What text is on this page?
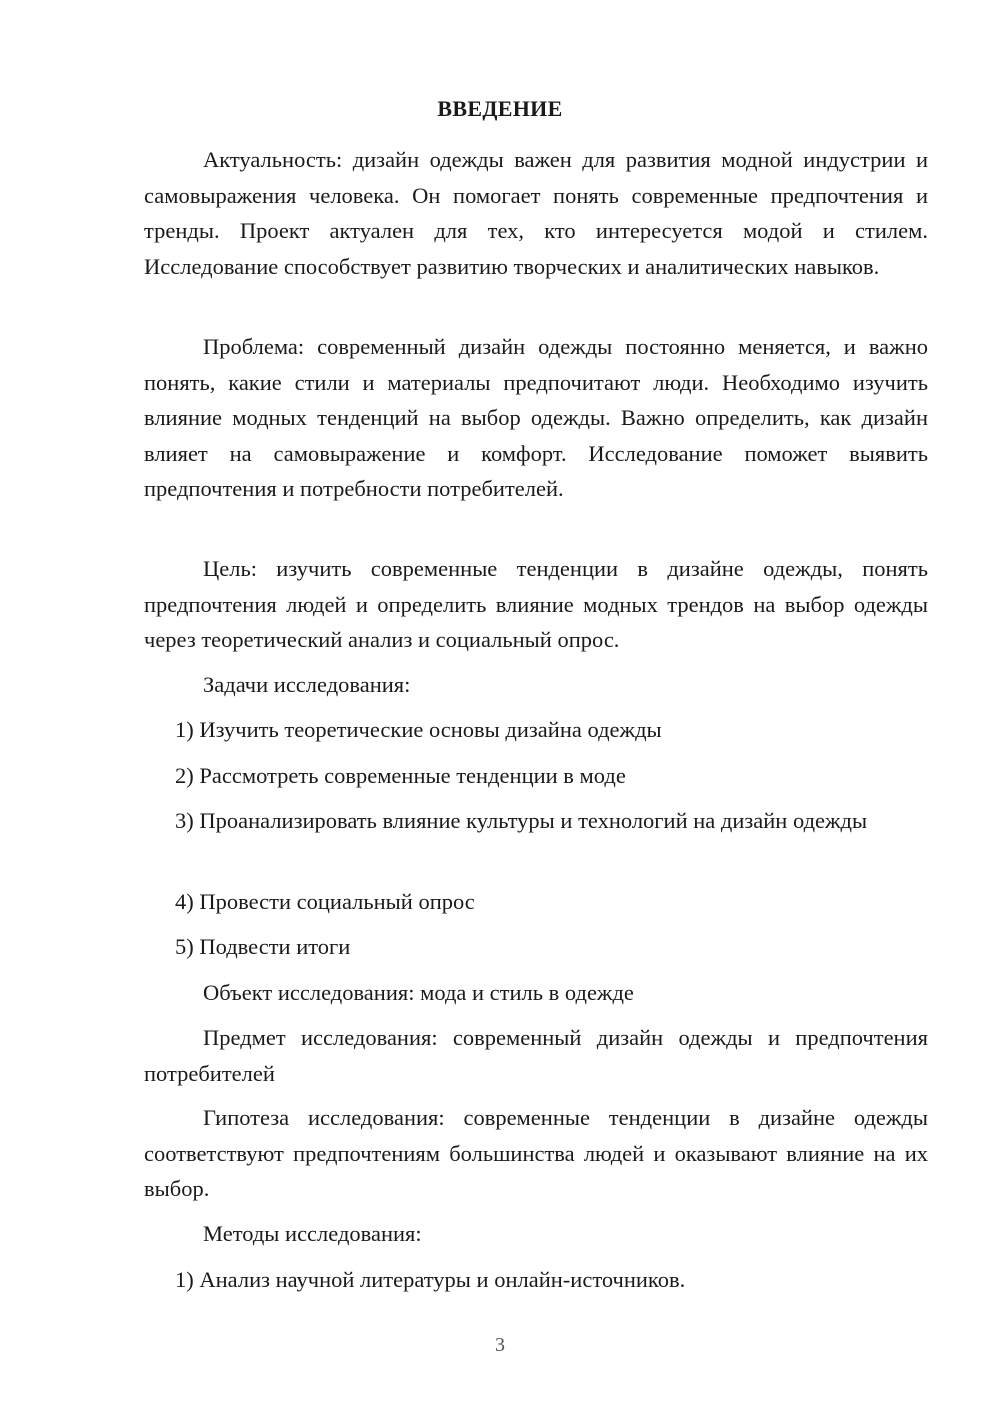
ВВЕДЕНИЕ

Актуальность: дизайн одежды важен для развития модной индустрии и самовыражения человека. Он помогает понять современные предпочтения и тренды. Проект актуален для тех, кто интересуется модой и стилем. Исследование способствует развитию творческих и аналитических навыков.

Проблема: современный дизайн одежды постоянно меняется, и важно понять, какие стили и материалы предпочитают люди. Необходимо изучить влияние модных тенденций на выбор одежды. Важно определить, как дизайн влияет на самовыражение и комфорт. Исследование поможет выявить предпочтения и потребности потребителей.

Цель: изучить современные тенденции в дизайне одежды, понять предпочтения людей и определить влияние модных трендов на выбор одежды через теоретический анализ и социальный опрос.

Задачи исследования:

1) Изучить теоретические основы дизайна одежды

2) Рассмотреть современные тенденции в моде

3) Проанализировать влияние культуры и технологий на дизайн одежды

4) Провести социальный опрос

5) Подвести итоги

Объект исследования: мода и стиль в одежде

Предмет исследования: современный дизайн одежды и предпочтения потребителей

Гипотеза исследования: современные тенденции в дизайне одежды соответствуют предпочтениям большинства людей и оказывают влияние на их выбор.

Методы исследования:

1) Анализ научной литературы и онлайн-источников.

3
